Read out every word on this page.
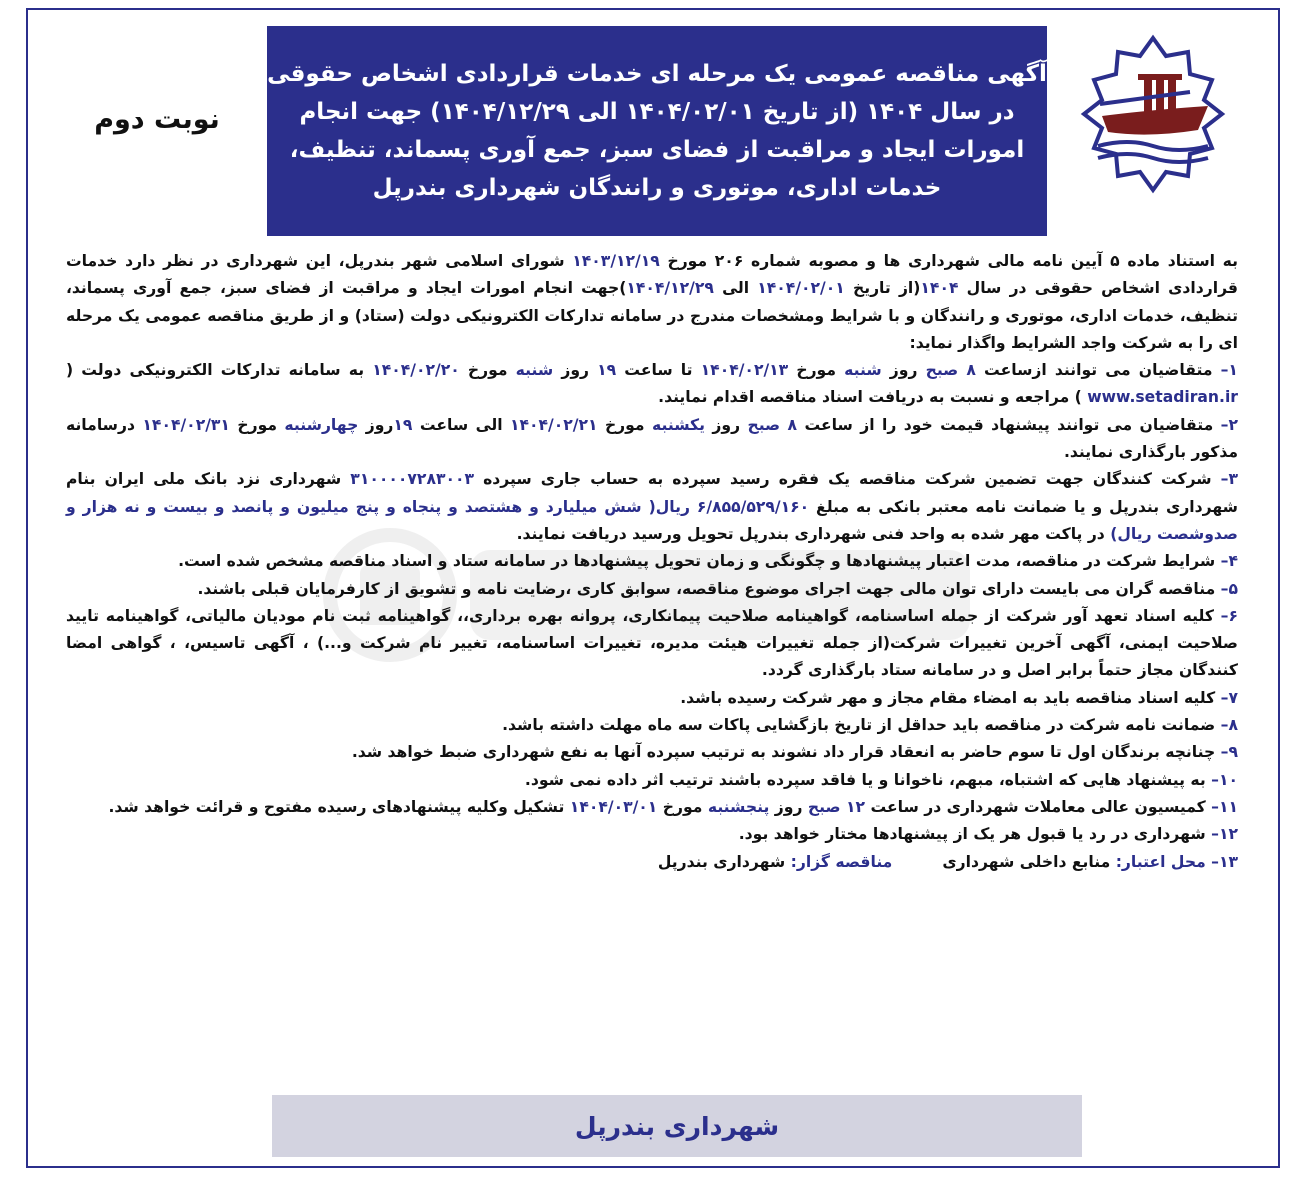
آگهی مناقصه عمومی یک مرحله ای خدمات قراردادی اشخاص حقوقی
در سال ۱۴۰۴ (از تاریخ ۱۴۰۴/۰۲/۰۱ الی ۱۴۰۴/۱۲/۲۹) جهت انجام
امورات ایجاد و مراقبت از فضای سبز، جمع آوری پسماند، تنظیف،
خدمات اداری، موتوری و رانندگان شهرداری بندرپل
نوبت دوم

به استناد ماده ۵ آیین نامه مالی شهرداری ها و مصوبه شماره ۲۰۶ مورخ ۱۴۰۳/۱۲/۱۹ شورای اسلامی شهر بندرپل، این شهرداری در نظر دارد خدمات قراردادی اشخاص حقوقی در سال ۱۴۰۴(از تاریخ ۱۴۰۴/۰۲/۰۱ الی ۱۴۰۴/۱۲/۲۹)جهت انجام امورات ایجاد و مراقبت از فضای سبز، جمع آوری پسماند، تنظیف، خدمات اداری، موتوری و رانندگان و با شرایط ومشخصات مندرج در سامانه تدارکات الکترونیکی دولت (ستاد) و از طریق مناقصه عمومی یک مرحله ای را به شرکت واجد الشرایط واگذار نماید:

۱– متقاضیان می توانند ازساعت ۸ صبح روز شنبه مورخ ۱۴۰۴/۰۲/۱۳ تا ساعت ۱۹ روز شنبه مورخ ۱۴۰۴/۰۲/۲۰ به سامانه تدارکات الکترونیکی دولت ( www.setadiran.ir ) مراجعه و نسبت به دریافت اسناد مناقصه اقدام نمایند.

۲– متقاضیان می توانند پیشنهاد قیمت خود را از ساعت ۸ صبح روز یکشنبه مورخ ۱۴۰۴/۰۲/۲۱ الی ساعت ۱۹روز چهارشنبه مورخ ۱۴۰۴/۰۲/۳۱ درسامانه مذکور بارگذاری نمایند.

۳– شرکت کنندگان جهت تضمین شرکت مناقصه یک فقره رسید سپرده به حساب جاری سپرده ۳۱۰۰۰۰۷۲۸۳۰۰۳ شهرداری نزد بانک ملی ایران بنام شهرداری بندرپل و یا ضمانت نامه معتبر بانکی به مبلغ ۶/۸۵۵/۵۲۹/۱۶۰ ریال( شش میلیارد و هشتصد و پنجاه و پنج میلیون و پانصد و بیست و نه هزار و صدوشصت ریال) در پاکت مهر شده به واحد فنی شهرداری بندرپل تحویل ورسید دریافت نمایند.

۴– شرایط شرکت در مناقصه، مدت اعتبار پیشنهادها و چگونگی و زمان تحویل پیشنهادها در سامانه ستاد و اسناد مناقصه مشخص شده است.

۵– مناقصه گران می بایست دارای توان مالی جهت اجرای موضوع مناقصه، سوابق کاری ،رضایت نامه و تشویق از کارفرمایان قبلی باشند.

۶– کلیه اسناد تعهد آور شرکت از جمله اساسنامه، گواهینامه صلاحیت پیمانکاری، پروانه بهره برداری،، گواهینامه ثبت نام مودیان مالیاتی، گواهینامه تایید صلاحیت ایمنی، آگهی آخرین تغییرات شرکت(از جمله تغییرات هیئت مدیره، تغییرات اساسنامه، تغییر نام شرکت و...) ، آگهی تاسیس، ، گواهی امضا کنندگان مجاز حتماً برابر اصل و در سامانه ستاد بارگذاری گردد.

۷– کلیه اسناد مناقصه باید به امضاء مقام مجاز و مهر شرکت رسیده باشد.

۸– ضمانت نامه شرکت در مناقصه باید حداقل از تاریخ بازگشایی پاکات سه ماه مهلت داشته باشد.

۹– چنانچه برندگان اول تا سوم حاضر به انعقاد قرار داد نشوند به ترتیب سپرده آنها به نفع شهرداری ضبط خواهد شد.

۱۰– به پیشنهاد هایی که اشتباه، مبهم، ناخوانا و یا فاقد سپرده باشند ترتیب اثر داده نمی شود.

۱۱– کمیسیون عالی معاملات شهرداری در ساعت ۱۲ صبح روز پنجشنبه مورخ ۱۴۰۴/۰۳/۰۱ تشکیل وکلیه پیشنهادهای رسیده مفتوح و قرائت خواهد شد.

۱۲– شهرداری در رد یا قبول هر یک از پیشنهادها مختار خواهد بود.

۱۳– محل اعتبار: منابع داخلی شهرداریمناقصه گزار: شهرداری بندرپل

شهرداری بندرپل
